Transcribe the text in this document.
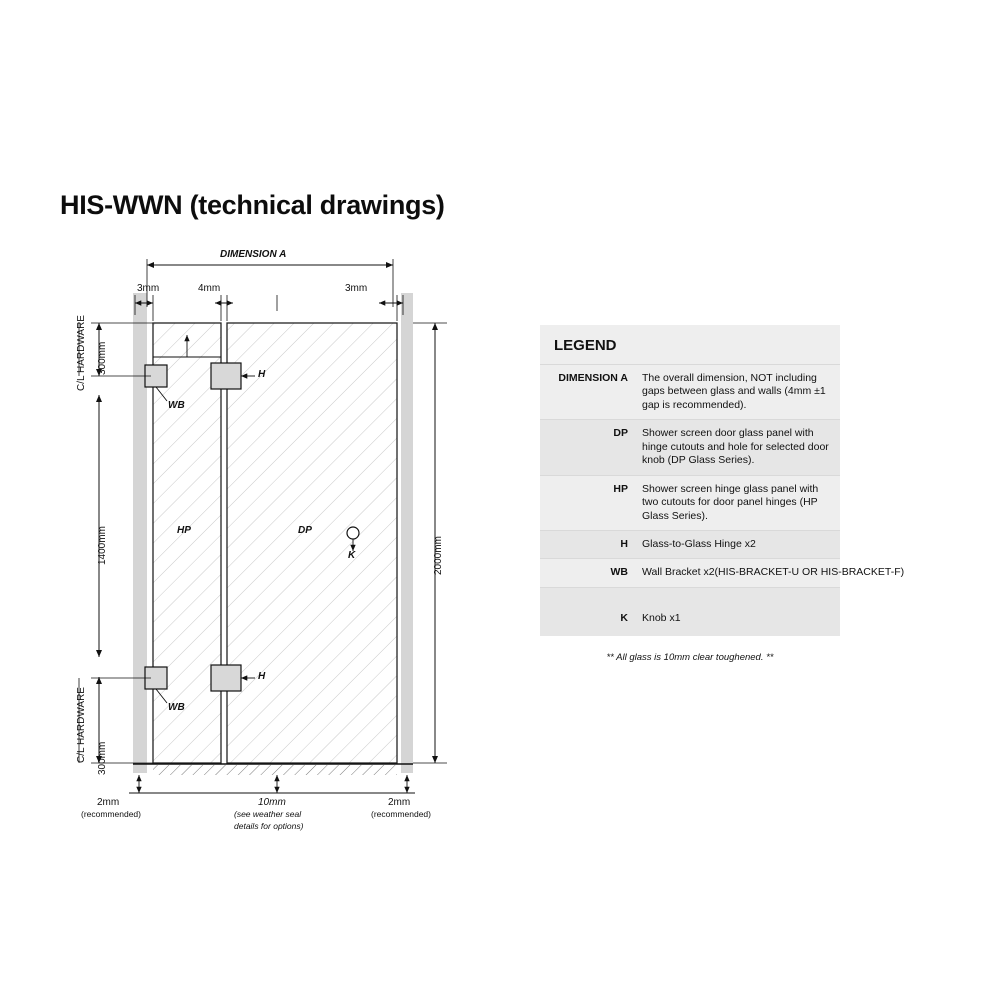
HIS-WWN (technical drawings)
DIMENSION A
3mm	4mm	3mm
300mm
C/L HARDWARE
1400mm
300mm
C/L HARDWARE
2000mm
HP	DP
H
H
WB
WB
K
2mm
(recommended)
10mm
(see weather seal
details for options)
2mm
(recommended)
LEGEND
DIMENSION A	The overall dimension, NOT including gaps between glass and walls (4mm ±1 gap is recommended).
DP	Shower screen door glass panel with hinge cutouts and hole for selected door knob (DP Glass Series).
HP	Shower screen hinge glass panel with two cutouts for door panel hinges (HP Glass Series).
H	Glass-to-Glass Hinge x2
WB	Wall Bracket x2(HIS-BRACKET-U OR HIS-BRACKET-F)
K	Knob x1
** All glass is 10mm clear toughened. **
